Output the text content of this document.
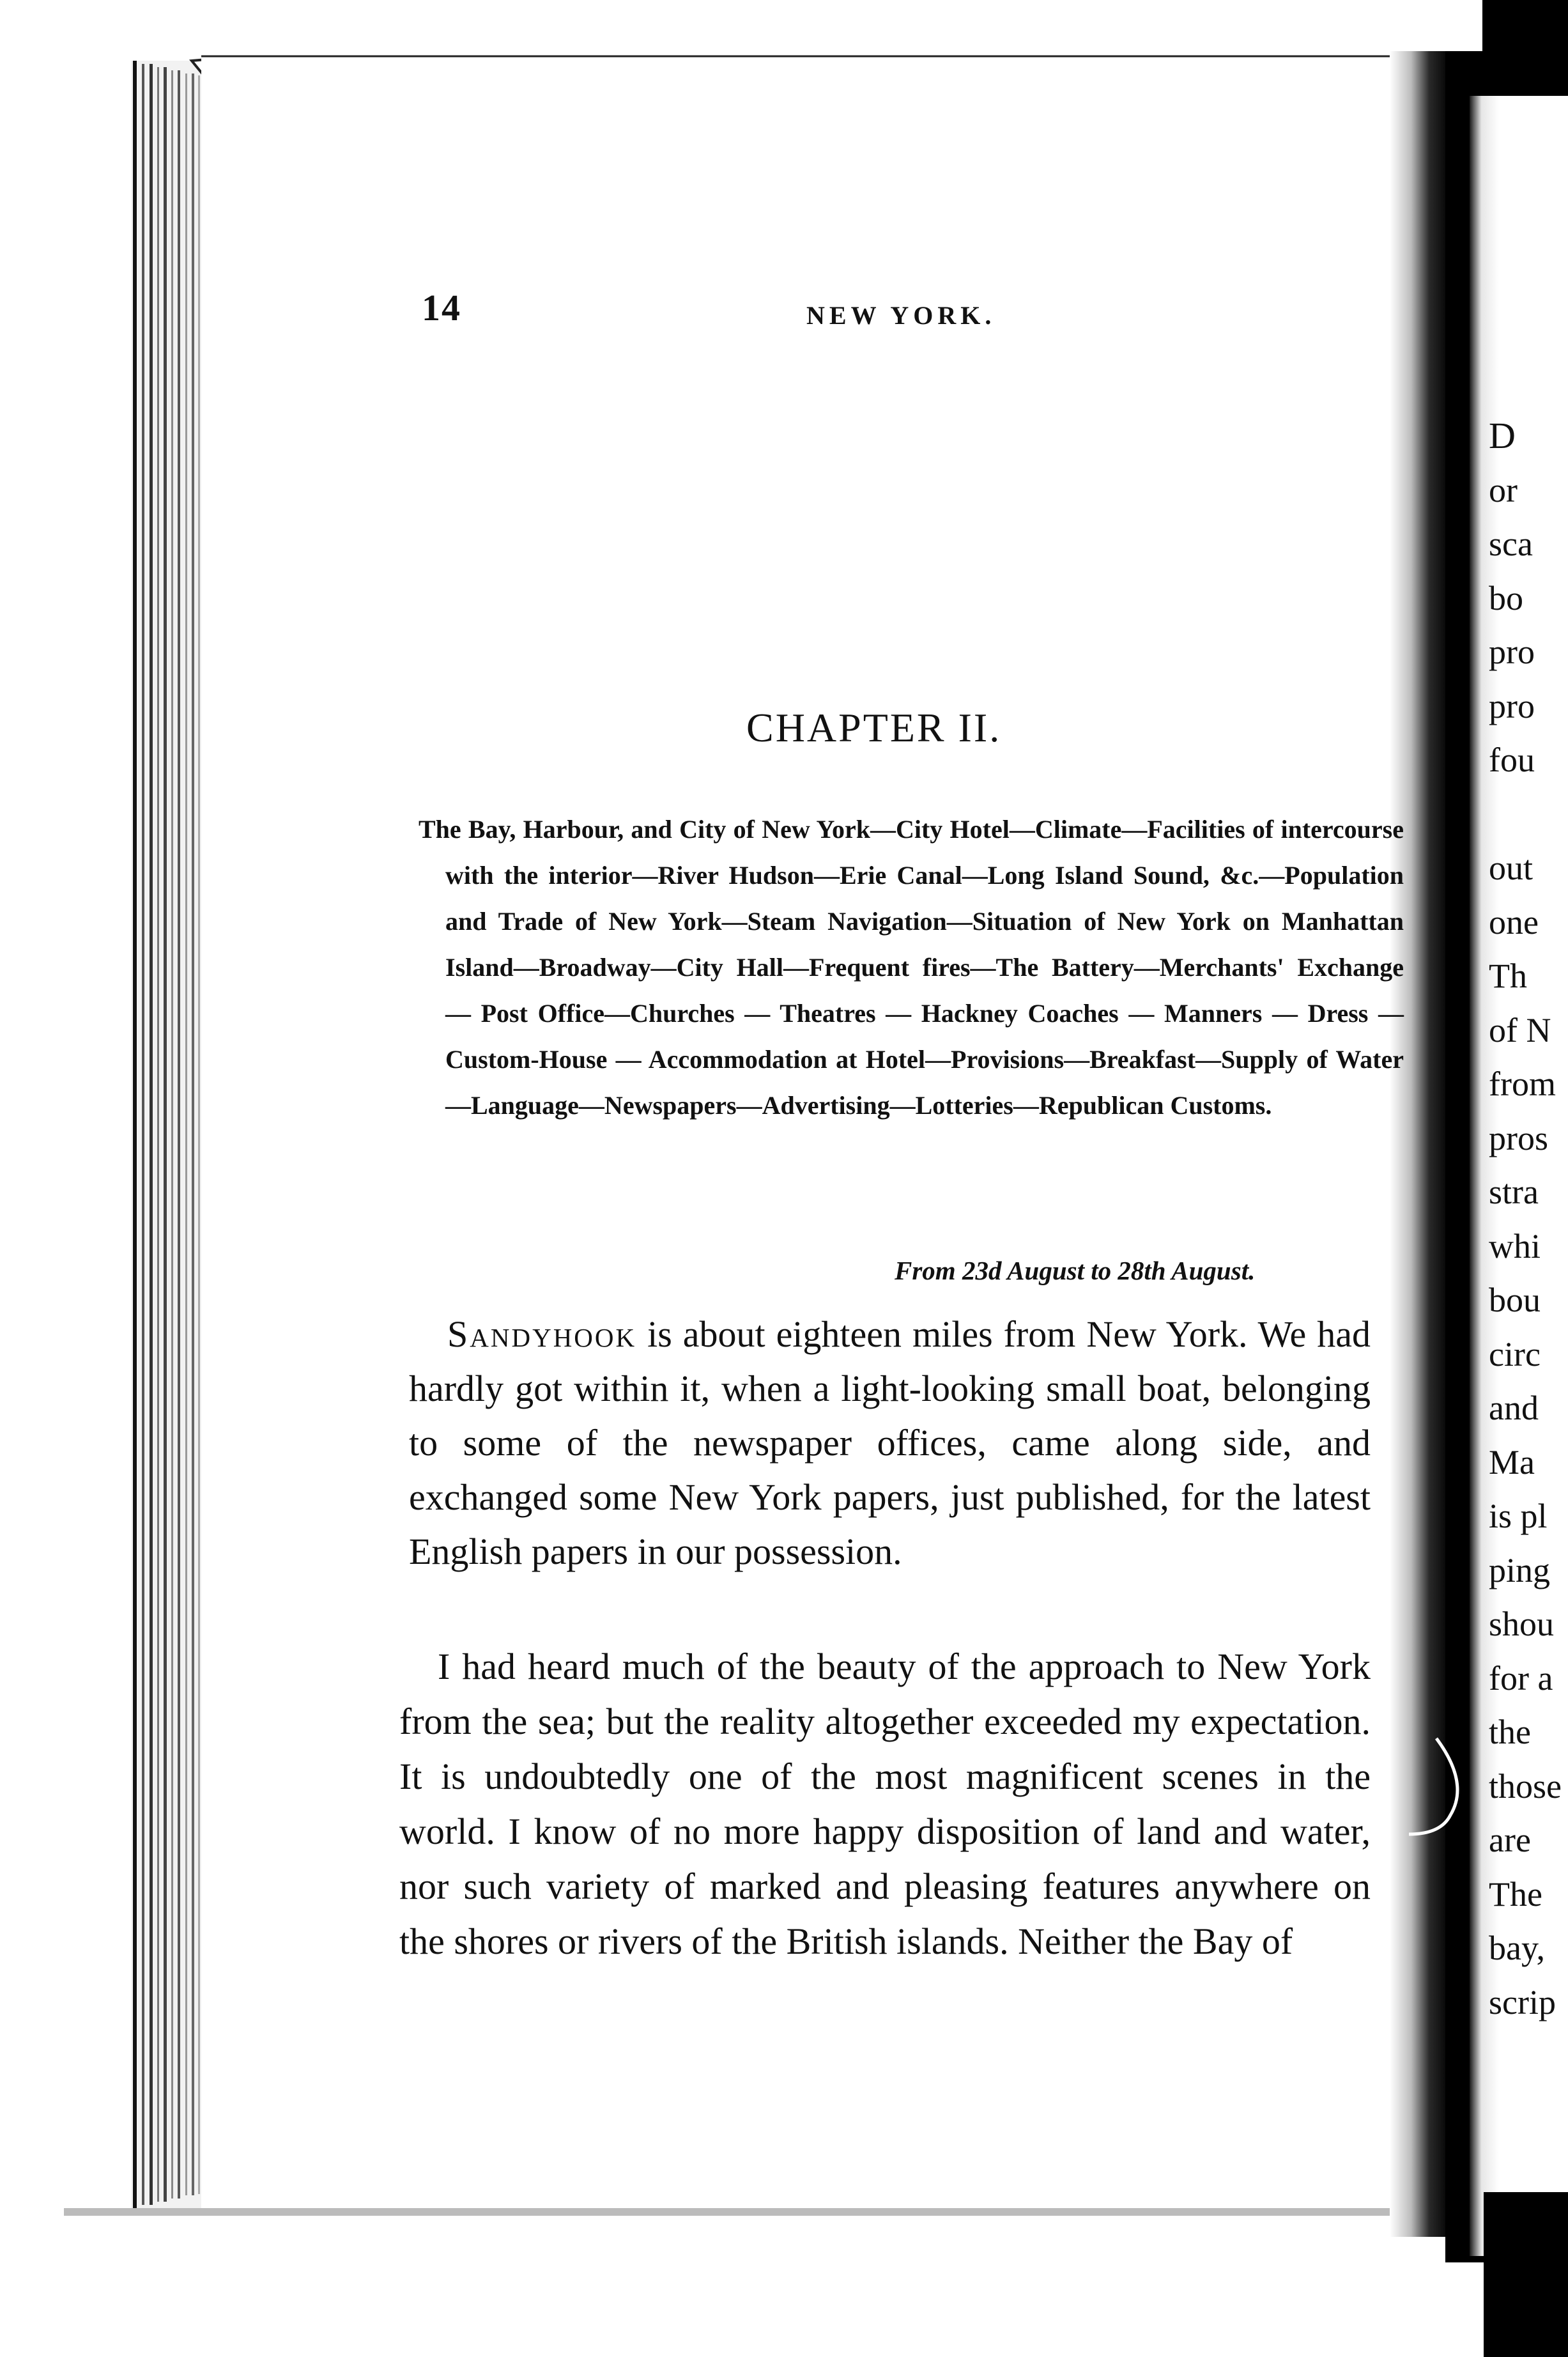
14	NEW YORK.
CHAPTER II.
The Bay, Harbour, and City of New York—City Hotel—Climate—Facilities of intercourse with the interior—River Hudson—Erie Canal—Long Island Sound, &c.—Population and Trade of New York—Steam Navigation—Situation of New York on Manhattan Island—Broadway—City Hall—Frequent fires—The Battery—Merchants' Exchange — Post Office—Churches — Theatres — Hackney Coaches — Manners — Dress — Custom-House — Accommodation at Hotel—Provisions—Breakfast—Supply of Water—Language—Newspapers—Advertising—Lotteries—Republican Customs.
From 23d August to 28th August.
Sandyhook is about eighteen miles from New York. We had hardly got within it, when a light-looking small boat, belonging to some of the newspaper offices, came along side, and exchanged some New York papers, just published, for the latest English papers in our possession.
I had heard much of the beauty of the approach to New York from the sea; but the reality altogether exceeded my expectation. It is undoubtedly one of the most magnificent scenes in the world. I know of no more happy disposition of land and water, nor such variety of marked and pleasing features anywhere on the shores or rivers of the British islands. Neither the Bay of
D
or
sca
bo
pro
pro
fou
out
one
Th
of N
from
pros
stra
whi
bou
circ
and
Ma
is pl
ping
shou
for a
the
those
are
The
bay,
scrip
